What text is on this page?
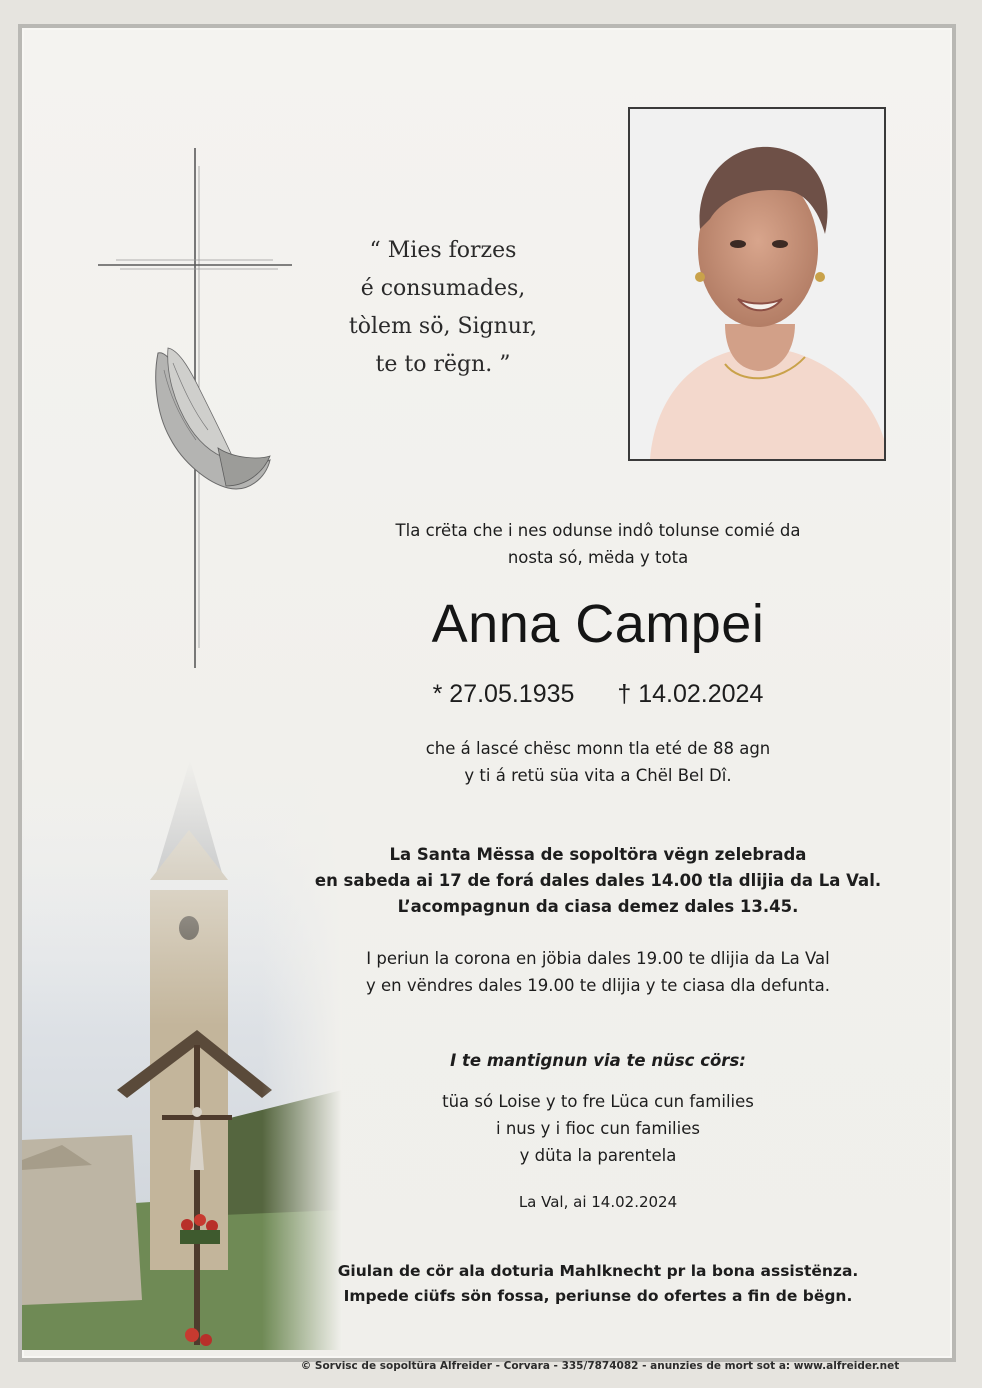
“ Mies forzes
é consumades,
tòlem sö, Signur,
te to rëgn. ”
Tla crëta che i nes odunse indô tolunse comié da
nosta só, mëda y tota
Anna Campei
* 27.05.1935 † 14.02.2024
che á lascé chësc monn tla eté de 88 agn
y ti á retü süa vita a Chël Bel Dî.
La Santa Mëssa de sopoltöra vëgn zelebrada
en sabeda ai 17 de forá dales dales 14.00 tla dlijia da La Val.
L’acompagnun da ciasa demez dales 13.45.
I periun la corona en jöbia dales 19.00 te dlijia da La Val
y en vëndres dales 19.00 te dlijia y te ciasa dla defunta.
I te mantignun via te nüsc cörs:
tüa só Loise y to fre Lüca cun families
i nus y i fioc cun families
y düta la parentela
La Val, ai 14.02.2024
Giulan de cör ala doturia Mahlknecht pr la bona assistënza.
Impede ciüfs sön fossa, periunse do ofertes a fin de bëgn.
© Sorvisc de sopoltüra Alfreider - Corvara - 335/7874082 - anunzies de mort sot a: www.alfreider.net
